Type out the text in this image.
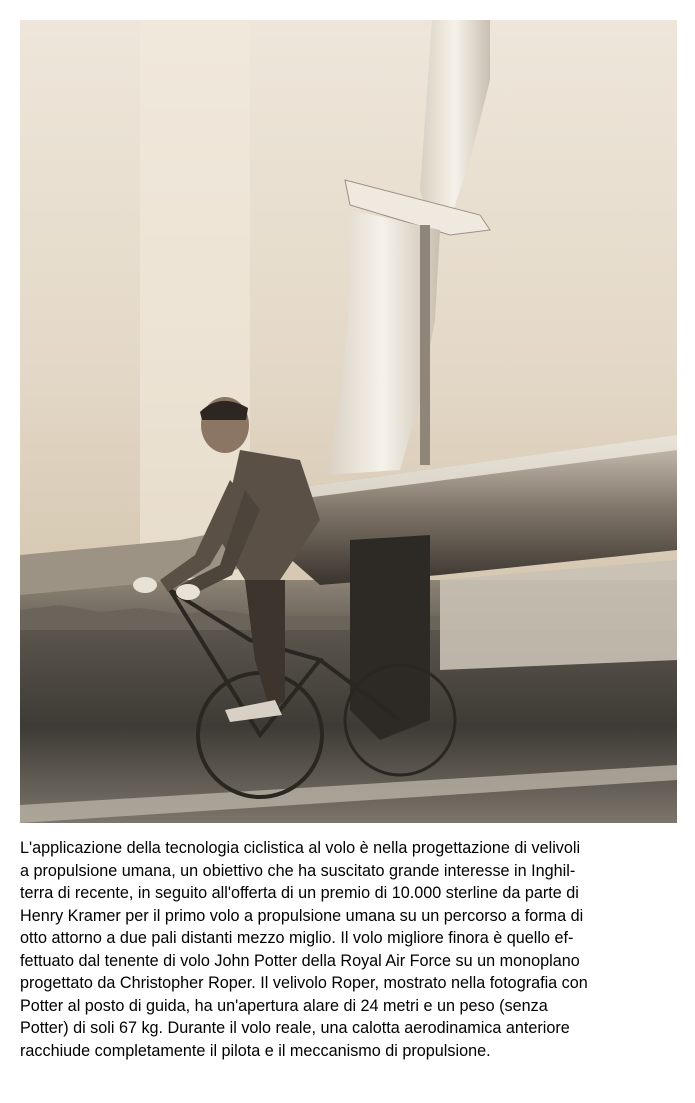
L'applicazione della tecnologia ciclistica al volo è nella progettazione di velivoli
a propulsione umana, un obiettivo che ha suscitato grande interesse in Inghil-
terra di recente, in seguito all'offerta di un premio di 10.000 sterline da parte di
Henry Kramer per il primo volo a propulsione umana su un percorso a forma di
otto attorno a due pali distanti mezzo miglio. Il volo migliore finora è quello ef-
fettuato dal tenente di volo John Potter della Royal Air Force su un monoplano
progettato da Christopher Roper. Il velivolo Roper, mostrato nella fotografia con
Potter al posto di guida, ha un'apertura alare di 24 metri e un peso (senza
Potter) di soli 67 kg. Durante il volo reale, una calotta aerodinamica anteriore
racchiude completamente il pilota e il meccanismo di propulsione.
